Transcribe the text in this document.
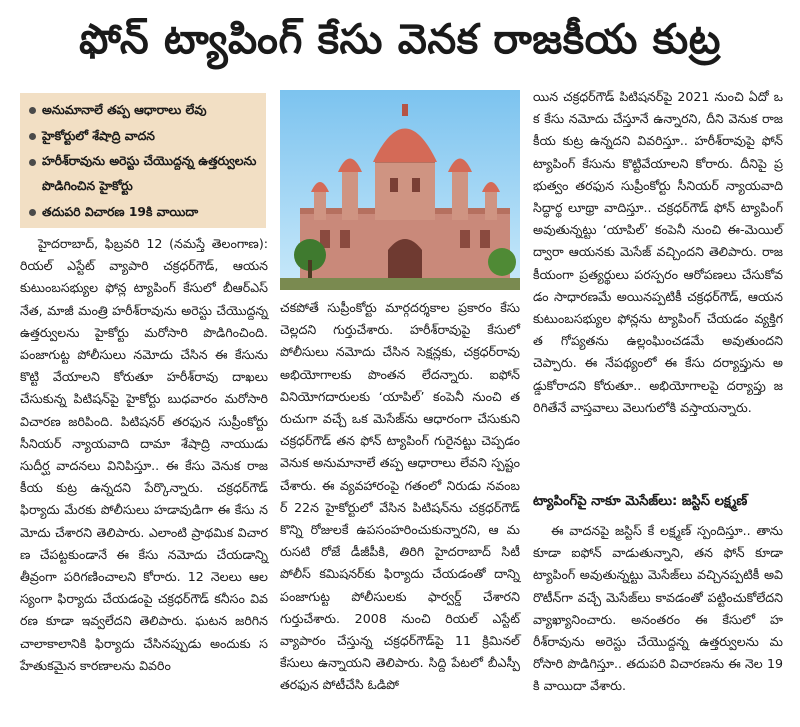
ఫోన్ ట్యాపింగ్ కేసు వెనక రాజకీయ కుట్ర
అనుమానాలే తప్ప ఆధారాలు లేవు
హైకోర్టులో శేషాద్రి వాదన
హరీశ్‌రావును అరెస్టు చేయొద్దన్న ఉత్తర్వులను పొడిగించిన హైకోర్టు
తదుపరి విచారణ 19కి వాయిదా

హైదరాబాద్‌, ఫిబ్రవరి 12 (నమస్తే తెలంగాణ): రియల్‌ ఎస్టేట్‌ వ్యాపారి చక్రధర్‌గౌడ్‌, ఆయన కుటుంబసభ్యుల ఫోన్ల ట్యాపింగ్‌ కేసులో బీఆర్‌ఎస్‌ నేత, మాజీ మంత్రి హరీశ్‌రావును అరెస్టు చేయొద్దన్న ఉత్తర్వులను హైకోర్టు మరోసారి పొడిగించింది. పంజాగుట్ట పోలీసులు నమోదు చేసిన ఈ కేసును కొట్టి వేయాలని కోరుతూ హరీశ్‌రావు దాఖలు చేసుకున్న పిటిషన్‌పై హైకోర్టు బుధవారం మరోసారి విచారణ జరిపింది. పిటిషనర్‌ తరఫున సుప్రీంకోర్టు సీనియర్‌ న్యాయవాది దామా శేషాద్రి నాయుడు సుదీర్ఘ వాదనలు వినిపిస్తూ.. ఈ కేసు వెనుక రాజకీయ కుట్ర ఉన్నదని పేర్కొన్నారు. చక్రధర్‌గౌడ్‌ ఫిర్యాదు మేరకు పోలీసులు హడావుడిగా ఈ కేసు నమోదు చేశారని తెలిపారు. ఎలాంటి ప్రాథమిక విచారణ చేపట్టకుండానే ఈ కేసు నమోదు చేయడాన్ని తీవ్రంగా పరిగణించాలని కోరారు. 12 నెలలు ఆలస్యంగా ఫిర్యాదు చేయడంపై చక్రధర్‌గౌడ్‌ కనీసం వివరణ కూడా ఇవ్వలేదని తెలిపారు. ఘటన జరిగిన చాలాకాలానికి ఫిర్యాదు చేసినప్పుడు అందుకు సహేతుకమైన కారణాలను వివరిం

చకపోతే సుప్రీంకోర్టు మార్గదర్శకాల ప్రకారం కేసు చెల్లదని గుర్తుచేశారు. హరీశ్‌రావుపై కేసులో పోలీసులు నమోదు చేసిన సెక్షన్లకు, చక్రధర్‌రావు అభియోగాలకు పొంతన లేదన్నారు. ఐఫోన్‌ వినియోగదారులకు ‘యాపిల్‌’ కంపెనీ నుంచి తరుచుగా వచ్చే ఒక మెసేజ్‌ను ఆధారంగా చేసుకుని చక్రధర్‌గౌడ్‌ తన ఫోన్‌ ట్యాపింగ్‌ గురైనట్టు చెప్పడం వెనుక అనుమానాలే తప్ప ఆధారాలు లేవని స్పష్టం చేశారు. ఈ వ్యవహారంపై గతంలో నిరుడు నవంబర్‌ 22న హైకోర్టులో వేసిన పిటిషన్‌ను చక్రధర్‌గౌడ్‌ కొన్ని రోజులకే ఉపసంహరించుకున్నారని, ఆ మరుసటి రోజే డీజీపీకి, తిరిగి హైదరాబాద్‌ సిటీ పోలీస్‌ కమిషనర్‌కు ఫిర్యాదు చేయడంతో దాన్ని పంజాగుట్ట పోలీసులకు ఫార్వర్డ్‌ చేశారని గుర్తుచేశారు. 2008 నుంచి రియల్‌ ఎస్టేట్‌ వ్యాపారం చేస్తున్న చక్రధర్‌గౌడ్‌పై 11 క్రిమినల్‌ కేసులు ఉన్నాయని తెలిపారు. సిద్ది పేటలో బీఎస్పీ తరఫున పోటీచేసి ఓడిపో

యిన చక్రధర్‌గౌడ్‌ పిటిషనర్‌పై 2021 నుంచి ఏదో ఒక కేసు నమోదు చేస్తూనే ఉన్నారని, దీని వెనుక రాజకీయ కుట్ర ఉన్నదని వివరిస్తూ.. హరీశ్‌రావుపై ఫోన్‌ ట్యాపింగ్‌ కేసును కొట్టివేయాలని కోరారు. దీనిపై ప్రభుత్వం తరఫున సుప్రీంకోర్టు సీనియర్‌ న్యాయవాది సిద్ధార్థ లూథ్రా వాదిస్తూ.. చక్రధర్‌గౌడ్‌ ఫోన్‌ ట్యాపింగ్‌ అవుతున్నట్టు ‘యాపిల్‌’ కంపెనీ నుంచి ఈ-మెయిల్‌ ద్వారా ఆయనకు మెసేజ్‌ వచ్చిందని తెలిపారు. రాజకీయంగా ప్రత్యర్థులు పరస్పరం ఆరోపణలు చేసుకోవడం సాధారణమే అయినప్పటికీ చక్రధర్‌గౌడ్‌, ఆయన కుటుంబసభ్యుల ఫోన్లను ట్యాపింగ్‌ చేయడం వ్యక్తిగత గోప్యతను ఉల్లంఘించడమే అవుతుందని చెప్పారు. ఈ నేపథ్యంలో ఈ కేసు దర్యాప్తును అడ్డుకోరాదని కోరుతూ.. అభియోగాలపై దర్యాప్తు జరిగితేనే వాస్తవాలు వెలుగులోకి వస్తాయన్నారు.

ట్యాపింగ్‌పై నాకూ మెసేజ్‌లు: జస్టిస్‌ లక్ష్మణ్‌

ఈ వాదనపై జస్టిస్‌ కే లక్ష్మణ్‌ స్పందిస్తూ.. తాను కూడా ఐఫోన్‌ వాడుతున్నాని, తన ఫోన్‌ కూడా ట్యాపింగ్‌ అవుతున్నట్టు మెసేజ్‌లు వచ్చినప్పటికీ అవి రొటీన్‌గా వచ్చే మెసేజ్‌లు కావడంతో పట్టించుకోలేదని వ్యాఖ్యానించారు. అనంతరం ఈ కేసులో హరీశ్‌రావును అరెస్టు చేయొద్దన్న ఉత్తర్వులను మరోసారి పొడిగిస్తూ.. తదుపరి విచారణను ఈ నెల 19కి వాయిదా వేశారు.
